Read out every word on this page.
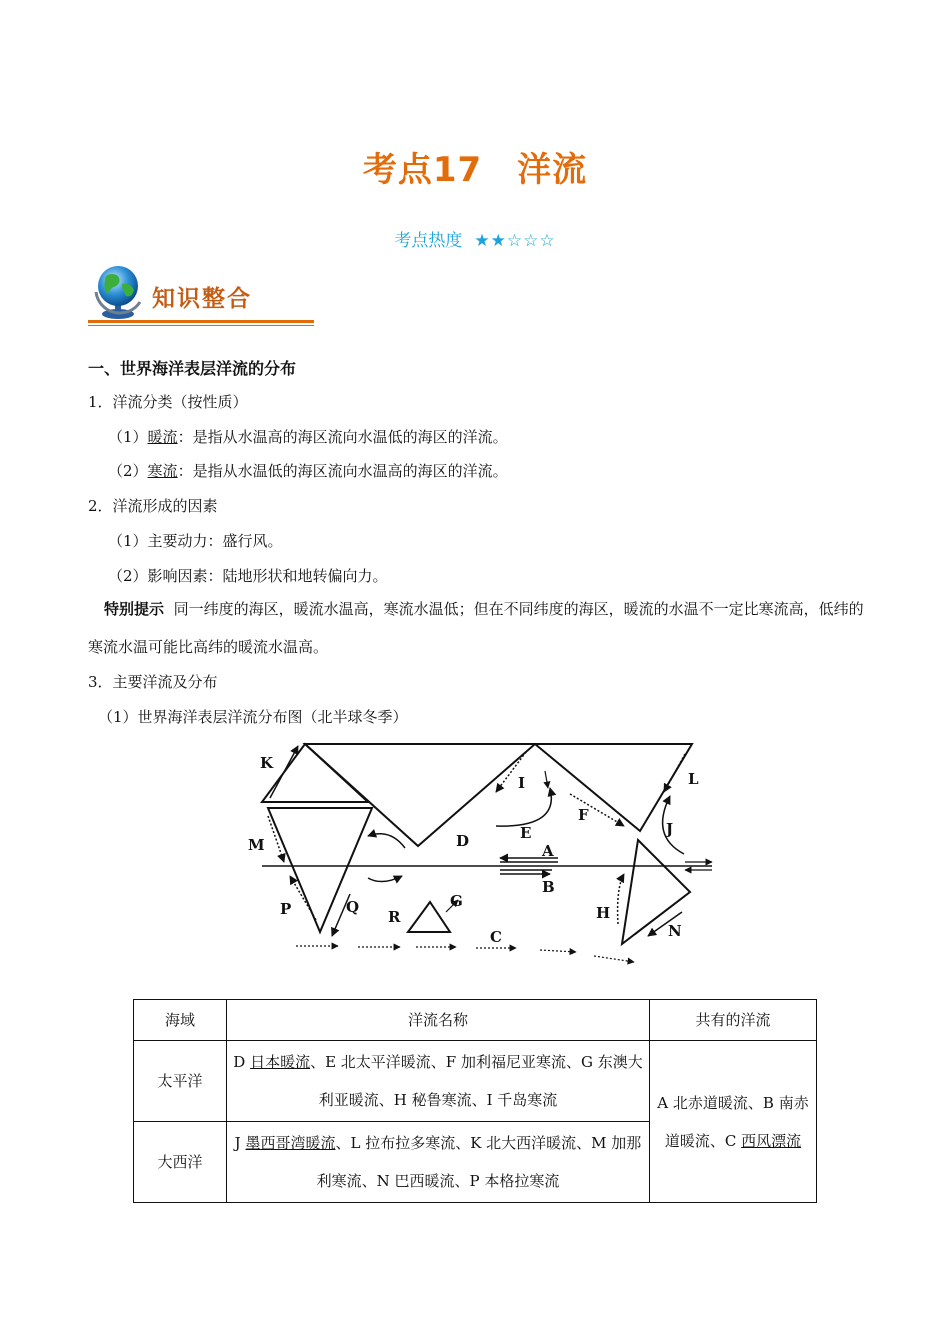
考点17　洋流
考点热度 ★★☆☆☆
知识整合
一、世界海洋表层洋流的分布
1．洋流分类（按性质）
（1）暖流：是指从水温高的海区流向水温低的海区的洋流。
（2）寒流：是指从水温低的海区流向水温高的海区的洋流。
2．洋流形成的因素
（1）主要动力：盛行风。
（2）影响因素：陆地形状和地转偏向力。
特别提示 同一纬度的海区，暖流水温高，寒流水温低；但在不同纬度的海区，暖流的水温不一定比寒流高，低纬的寒流水温可能比高纬的暖流水温高。
3．主要洋流及分布
（1）世界海洋表层洋流分布图（北半球冬季）
K
L
M
I
F
E
D
J
A
B
P	Q
R
G
C
H
N
海域	洋流名称	共有的洋流
太平洋	D 日本暖流、E 北太平洋暖流、F 加利福尼亚寒流、G 东澳大利亚暖流、H 秘鲁寒流、I 千岛寒流	A 北赤道暖流、B 南赤道暖流、C 西风漂流
大西洋	J 墨西哥湾暖流、L 拉布拉多寒流、K 北大西洋暖流、M 加那利寒流、N 巴西暖流、P 本格拉寒流	
